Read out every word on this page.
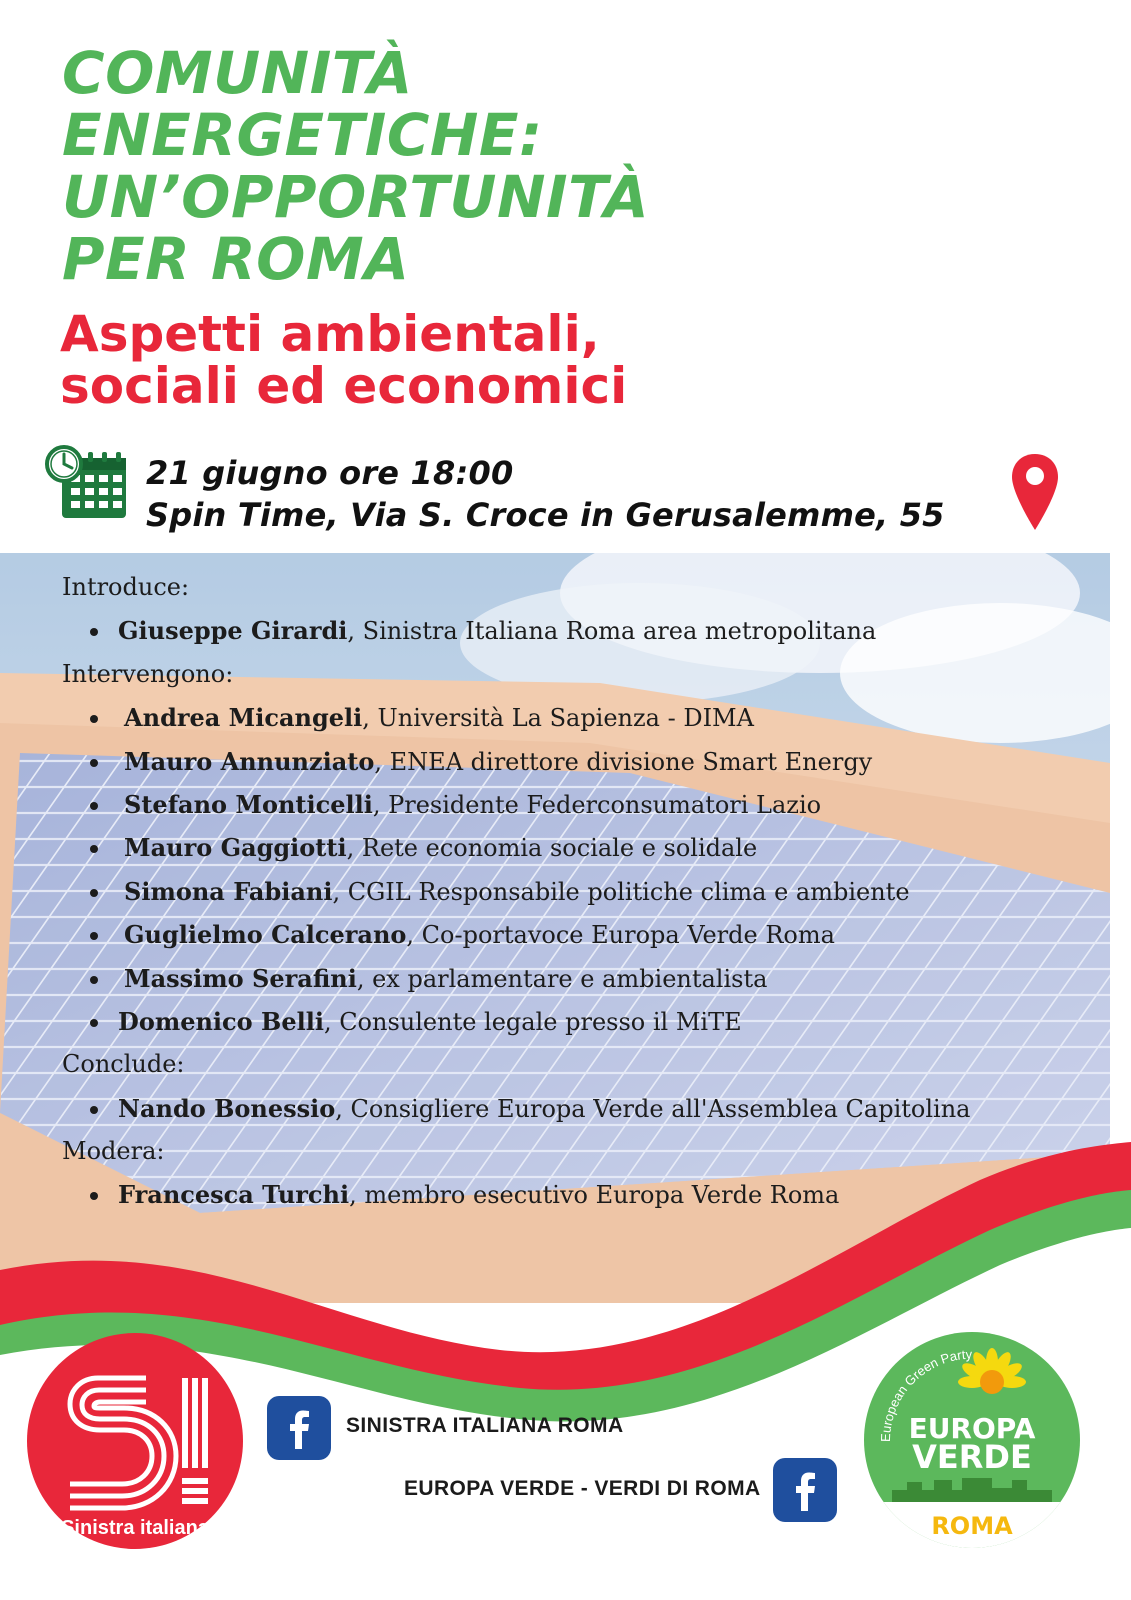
COMUNITÀ
ENERGETICHE:
UN’OPPORTUNITÀ
PER ROMA
Aspetti ambientali,
sociali ed economici
21 giugno ore 18:00
Spin Time, Via S. Croce in Gerusalemme, 55

Introduce:

Giuseppe Girardi, Sinistra Italiana Roma area metropolitana

Intervengono:

Andrea Micangeli, Università La Sapienza - DIMA
Mauro Annunziato, ENEA direttore divisione Smart Energy
Stefano Monticelli, Presidente Federconsumatori Lazio
Mauro Gaggiotti, Rete economia sociale e solidale
Simona Fabiani, CGIL Responsabile politiche clima e ambiente
Guglielmo Calcerano, Co-portavoce Europa Verde Roma
Massimo Serafini, ex parlamentare e ambientalista
Domenico Belli, Consulente legale presso il MiTE

Conclude:

Nando Bonessio, Consigliere Europa Verde all'Assemblea Capitolina

Modera:

Francesca Turchi, membro esecutivo Europa Verde Roma
Sinistra italiana
SINISTRA ITALIANA ROMA
EUROPA VERDE - VERDI DI ROMA
European Green Party
EUROPA
VERDE
ROMA
